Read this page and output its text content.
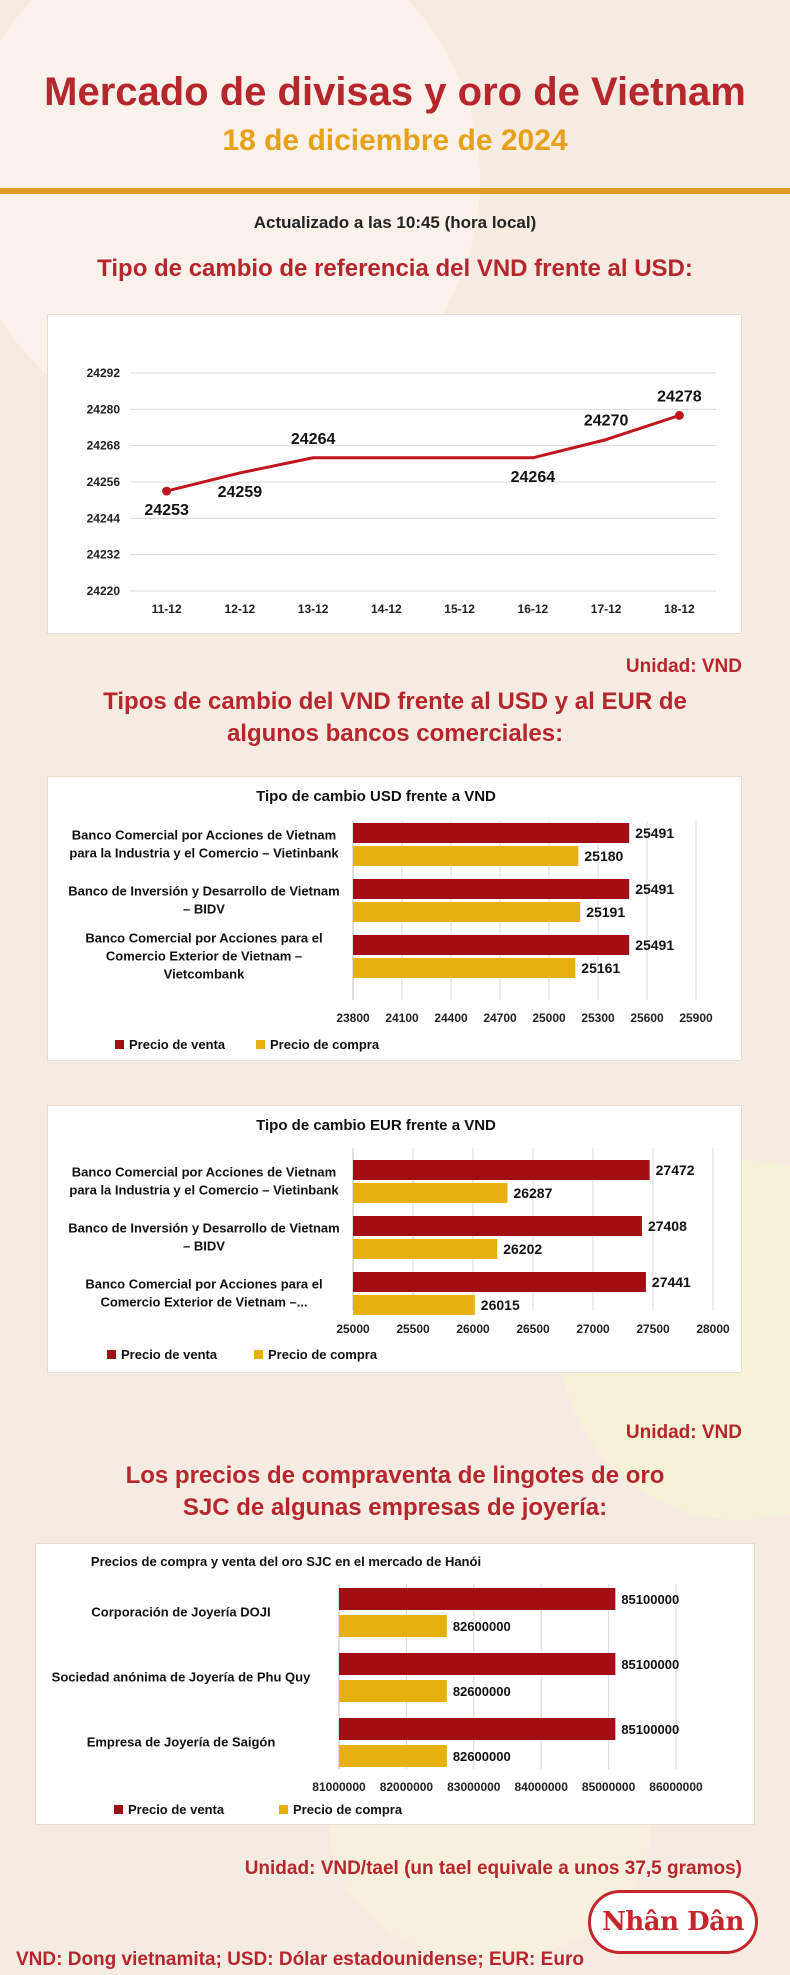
Mercado de divisas y oro de Vietnam
18 de diciembre de 2024
Actualizado a las 10:45 (hora local)
Tipo de cambio de referencia del VND frente al USD:
24220
24232
24244
24256
24268
24280
24292
11-12	12-12	13-12	14-12	15-12	16-12	17-12	18-12
24253
24259
24264
24264
24270
24278
Unidad: VND
Tipos de cambio del VND frente al USD y al EUR de
algunos bancos comerciales:
Tipo de cambio USD frente a VND
23800 24100 24400 24700 25000 25300 25600 25900
25491
25180
Banco Comercial por Acciones de Vietnam
para la Industria y el Comercio – Vietinbank
25491
25191
Banco de Inversión y Desarrollo de Vietnam
– BIDV
25491
25161
Banco Comercial por Acciones para el
Comercio Exterior de Vietnam –
Vietcombank
Precio de venta	Precio de compra
Tipo de cambio EUR frente a VND
25000 25500 26000 26500 27000 27500 28000
27472
26287
Banco Comercial por Acciones de Vietnam
para la Industria y el Comercio – Vietinbank
27408
26202
Banco de Inversión y Desarrollo de Vietnam
– BIDV
27441
26015
Banco Comercial por Acciones para el
Comercio Exterior de Vietnam –...
Precio de venta	Precio de compra
Unidad: VND
Los precios de compraventa de lingotes de oro
SJC de algunas empresas de joyería:
Precios de compra y venta del oro SJC en el mercado de Hanói
81000000 82000000 83000000 84000000 85000000 86000000
85100000
82600000
Corporación de Joyería DOJI
85100000
82600000
Sociedad anónima de Joyería de Phu Quy
85100000
82600000
Empresa de Joyería de Saigón
Precio de venta	Precio de compra
Unidad: VND/tael (un tael equivale a unos 37,5 gramos)
VND: Dong vietnamita; USD: Dólar estadounidense; EUR: Euro
Nhân Dân
